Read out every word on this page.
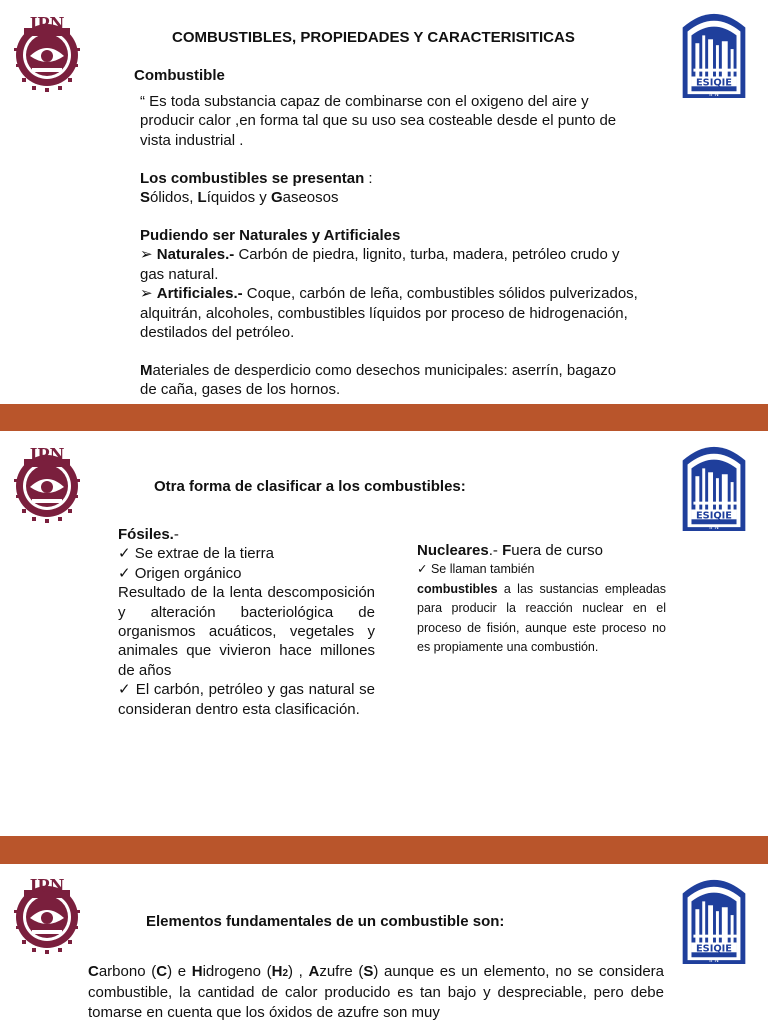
COMBUSTIBLES, PROPIEDADES Y CARACTERISITICAS
Combustible
“ Es toda substancia capaz de combinarse con el oxigeno del aire y producir calor ,en forma tal que su uso sea costeable desde el punto de vista industrial .
Los combustibles se presentan :
Sólidos, Líquidos y Gaseosos
Pudiendo ser Naturales y Artificiales
➢ Naturales.- Carbón de piedra, lignito, turba, madera, petróleo crudo y gas natural.
➢ Artificiales.- Coque, carbón de leña, combustibles sólidos pulverizados, alquitrán, alcoholes, combustibles líquidos por proceso de hidrogenación, destilados del petróleo.
Materiales de desperdicio como desechos municipales: aserrín, bagazo de caña, gases de los hornos.
Otra forma de clasificar a los combustibles:
Fósiles.-
✓ Se extrae de la tierra
✓ Origen orgánico
Resultado de la lenta descomposición y alteración bacteriológica de organismos acuáticos, vegetales y animales que vivieron hace millones de años
✓ El carbón, petróleo y gas natural se consideran dentro esta clasificación.
Nucleares.- Fuera de curso
✓ Se llaman también
combustibles a las sustancias empleadas para producir la reacción nuclear en el proceso de fisión, aunque este proceso no es propiamente una combustión.
Elementos fundamentales de un combustible son:
Carbono (C) e Hidrogeno (H2) , Azufre (S) aunque es un elemento, no se considera combustible, la cantidad de calor producido es tan bajo y despreciable, pero debe tomarse en cuenta que los óxidos de azufre son muy
